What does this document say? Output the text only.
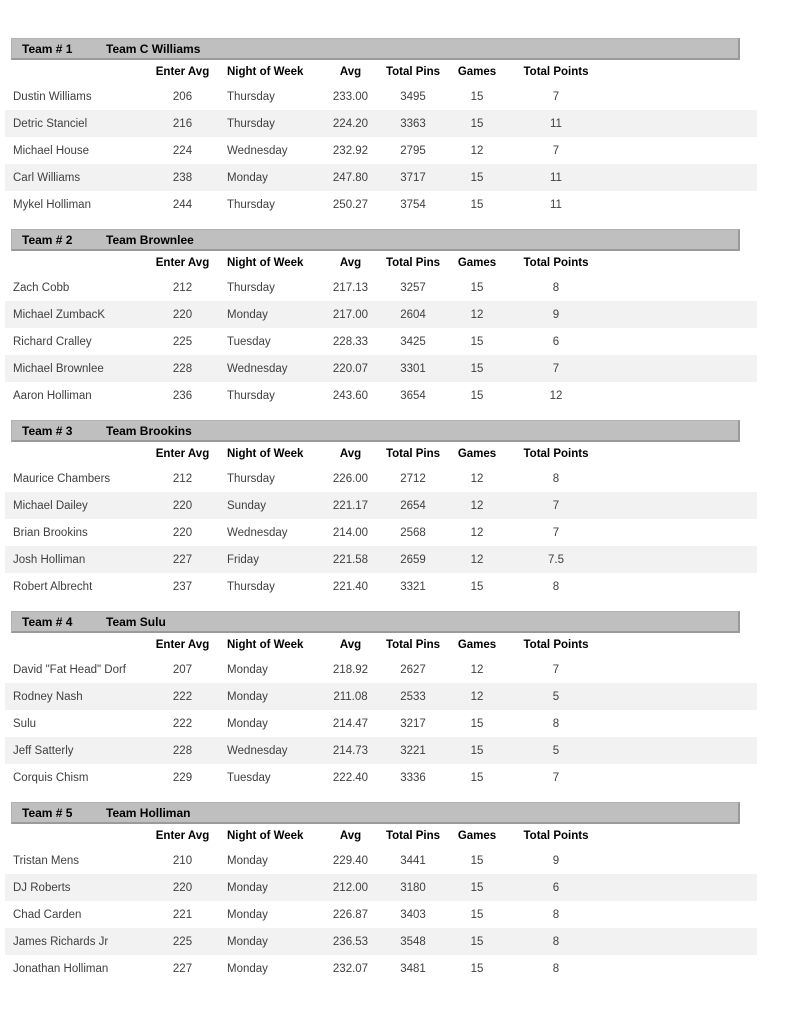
Team # 1	Team C Williams
Enter Avg	Night of Week	Avg	Total Pins	Games	Total Points
Dustin Williams	206	Thursday	233.00	3495	15	7
Detric Stanciel	216	Thursday	224.20	3363	15	11
Michael House	224	Wednesday	232.92	2795	12	7
Carl Williams	238	Monday	247.80	3717	15	11
Mykel Holliman	244	Thursday	250.27	3754	15	11
Team # 2	Team Brownlee
Enter Avg	Night of Week	Avg	Total Pins	Games	Total Points
Zach Cobb	212	Thursday	217.13	3257	15	8
Michael ZumbacK	220	Monday	217.00	2604	12	9
Richard Cralley	225	Tuesday	228.33	3425	15	6
Michael Brownlee	228	Wednesday	220.07	3301	15	7
Aaron Holliman	236	Thursday	243.60	3654	15	12
Team # 3	Team Brookins
Enter Avg	Night of Week	Avg	Total Pins	Games	Total Points
Maurice Chambers	212	Thursday	226.00	2712	12	8
Michael Dailey	220	Sunday	221.17	2654	12	7
Brian Brookins	220	Wednesday	214.00	2568	12	7
Josh Holliman	227	Friday	221.58	2659	12	7.5
Robert Albrecht	237	Thursday	221.40	3321	15	8
Team # 4	Team Sulu
Enter Avg	Night of Week	Avg	Total Pins	Games	Total Points
David "Fat Head" Dorf	207	Monday	218.92	2627	12	7
Rodney Nash	222	Monday	211.08	2533	12	5
Sulu	222	Monday	214.47	3217	15	8
Jeff Satterly	228	Wednesday	214.73	3221	15	5
Corquis Chism	229	Tuesday	222.40	3336	15	7
Team # 5	Team Holliman
Enter Avg	Night of Week	Avg	Total Pins	Games	Total Points
Tristan Mens	210	Monday	229.40	3441	15	9
DJ Roberts	220	Monday	212.00	3180	15	6
Chad Carden	221	Monday	226.87	3403	15	8
James Richards Jr	225	Monday	236.53	3548	15	8
Jonathan Holliman	227	Monday	232.07	3481	15	8
